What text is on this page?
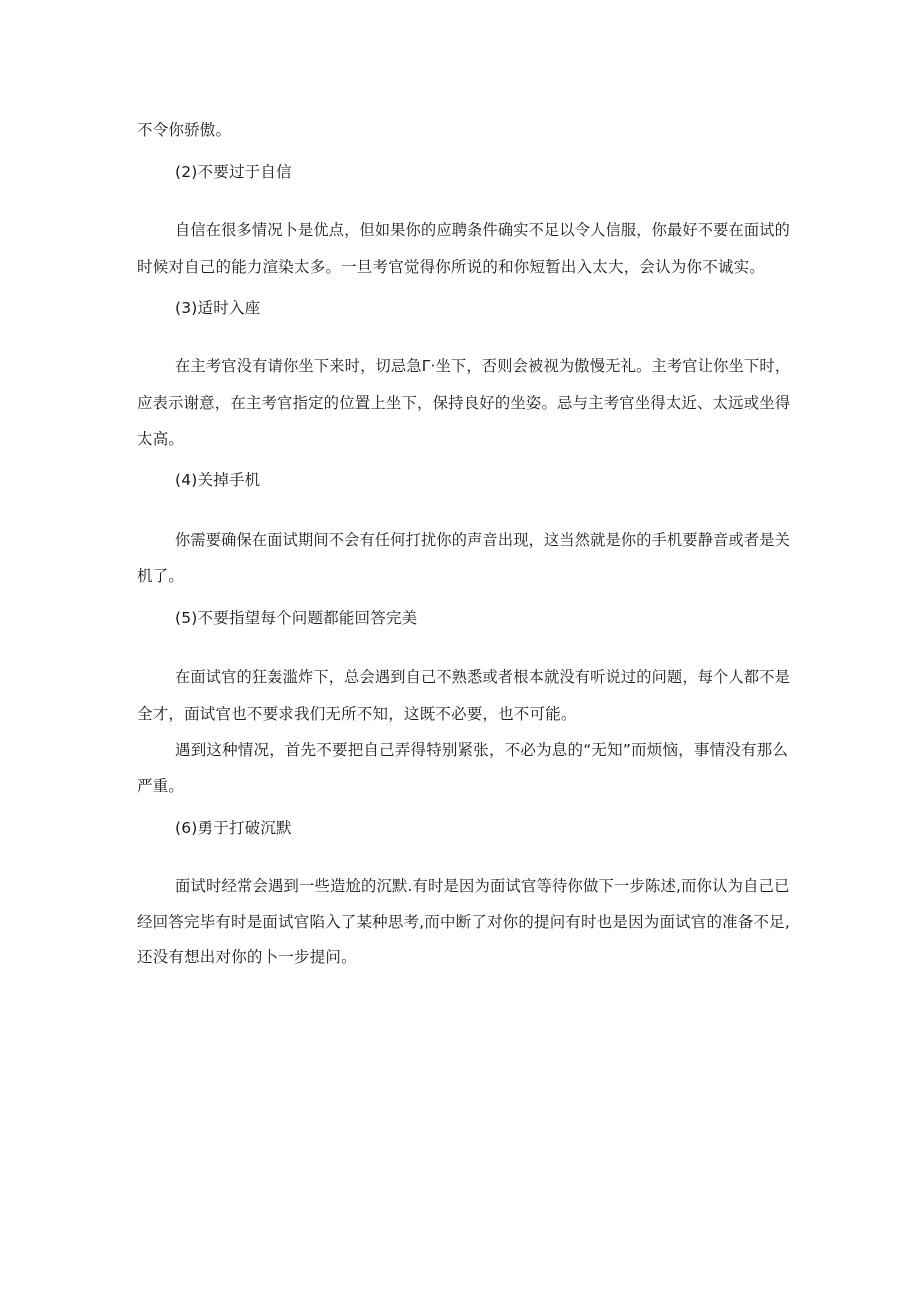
不令你骄傲。
(2)不要过于自信
自信在很多情况卜是优点，但如果你的应聘条件确实不足以令人信服，你最好不要在面试的
时候对自己的能力渲染太多。一旦考官觉得你所说的和你短暂出入太大，会认为你不诚实。
(3)适时入座
在主考官没有请你坐下来时，切忌急Γ·坐下，否则会被视为傲慢无礼。主考官让你坐下时，
应表示谢意，在主考官指定的位置上坐下，保持良好的坐姿。忌与主考官坐得太近、太远或坐得
太高。
(4)关掉手机
你需要确保在面试期间不会有任何打扰你的声音出现，这当然就是你的手机要静音或者是关
机了。
(5)不要指望每个问题都能回答完美
在面试官的狂轰滥炸下，总会遇到自己不熟悉或者根本就没有听说过的问题，每个人都不是
全才，面试官也不要求我们无所不知，这既不必要，也不可能。
遇到这种情况，首先不要把自己弄得特别紧张，不必为息的“无知”而烦恼，事情没有那么
严重。
(6)勇于打破沉默
面试时经常会遇到一些造尬的沉默.有时是因为面试官等待你做下一步陈述,而你认为自己已
经回答完毕有时是面试官陷入了某种思考,而中断了对你的提问有时也是因为面试官的准备不足,
还没有想出对你的卜一步提问。
